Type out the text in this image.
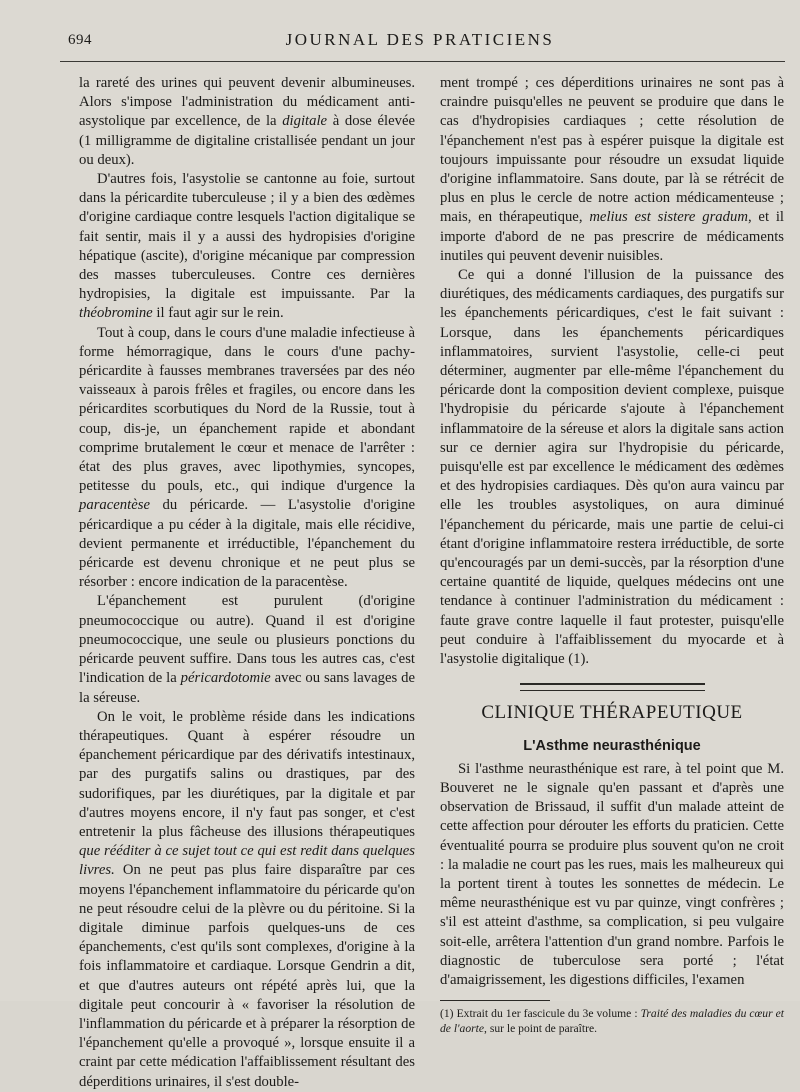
694	JOURNAL DES PRATICIENS

la rareté des urines qui peuvent devenir albumineuses. Alors s'impose l'administration du médicament anti-asystolique par excellence, de la digitale à dose élevée (1 milligramme de digitaline cristallisée pendant un jour ou deux).

D'autres fois, l'asystolie se cantonne au foie, surtout dans la péricardite tuberculeuse ; il y a bien des œdèmes d'origine cardiaque contre lesquels l'action digitalique se fait sentir, mais il y a aussi des hydropisies d'origine hépatique (ascite), d'origine mécanique par compression des masses tuberculeuses. Contre ces dernières hydropisies, la digitale est impuissante. Par la théobromine il faut agir sur le rein.

Tout à coup, dans le cours d'une maladie infectieuse à forme hémorragique, dans le cours d'une pachy-péricardite à fausses membranes traversées par des néo vaisseaux à parois frêles et fragiles, ou encore dans les péricardites scorbutiques du Nord de la Russie, tout à coup, dis-je, un épanchement rapide et abondant comprime brutalement le cœur et menace de l'arrêter : état des plus graves, avec lipothymies, syncopes, petitesse du pouls, etc., qui indique d'urgence la paracentèse du péricarde. — L'asystolie d'origine péricardique a pu céder à la digitale, mais elle récidive, devient permanente et irréductible, l'épanchement du péricarde est devenu chronique et ne peut plus se résorber : encore indication de la paracentèse.

L'épanchement est purulent (d'origine pneumococcique ou autre). Quand il est d'origine pneumococcique, une seule ou plusieurs ponctions du péricarde peuvent suffire. Dans tous les autres cas, c'est l'indication de la péricardotomie avec ou sans lavages de la séreuse.

On le voit, le problème réside dans les indications thérapeutiques. Quant à espérer résoudre un épanchement péricardique par des dérivatifs intestinaux, par des purgatifs salins ou drastiques, par des sudorifiques, par les diurétiques, par la digitale et par d'autres moyens encore, il n'y faut pas songer, et c'est entretenir la plus fâcheuse des illusions thérapeutiques que rééditer à ce sujet tout ce qui est redit dans quelques livres. On ne peut pas plus faire disparaître par ces moyens l'épanchement inflammatoire du péricarde qu'on ne peut résoudre celui de la plèvre ou du péritoine. Si la digitale diminue parfois quelques-uns de ces épanchements, c'est qu'ils sont complexes, d'origine à la fois inflammatoire et cardiaque. Lorsque Gendrin a dit, et que d'autres auteurs ont répété après lui, que la digitale peut concourir à « favoriser la résolution de l'inflammation du péricarde et à préparer la résorption de l'épanchement qu'elle a provoqué », lorsque ensuite il a craint par cette médication l'affaiblissement résultant des déperditions urinaires, il s'est double-

ment trompé ; ces déperditions urinaires ne sont pas à craindre puisqu'elles ne peuvent se produire que dans le cas d'hydropisies cardiaques ; cette résolution de l'épanchement n'est pas à espérer puisque la digitale est toujours impuissante pour résoudre un exsudat liquide d'origine inflammatoire. Sans doute, par là se rétrécit de plus en plus le cercle de notre action médicamenteuse ; mais, en thérapeutique, melius est sistere gradum, et il importe d'abord de ne pas prescrire de médicaments inutiles qui peuvent devenir nuisibles.

Ce qui a donné l'illusion de la puissance des diurétiques, des médicaments cardiaques, des purgatifs sur les épanchements péricardiques, c'est le fait suivant : Lorsque, dans les épanchements péricardiques inflammatoires, survient l'asystolie, celle-ci peut déterminer, augmenter par elle-même l'épanchement du péricarde dont la composition devient complexe, puisque l'hydropisie du péricarde s'ajoute à l'épanchement inflammatoire de la séreuse et alors la digitale sans action sur ce dernier agira sur l'hydropisie du péricarde, puisqu'elle est par excellence le médicament des œdèmes et des hydropisies cardiaques. Dès qu'on aura vaincu par elle les troubles asystoliques, on aura diminué l'épanchement du péricarde, mais une partie de celui-ci étant d'origine inflammatoire restera irréductible, de sorte qu'encouragés par un demi-succès, par la résorption d'une certaine quantité de liquide, quelques médecins ont une tendance à continuer l'administration du médicament : faute grave contre laquelle il faut protester, puisqu'elle peut conduire à l'affaiblissement du myocarde et à l'asystolie digitalique (1).

CLINIQUE THÉRAPEUTIQUE
L'Asthme neurasthénique

Si l'asthme neurasthénique est rare, à tel point que M. Bouveret ne le signale qu'en passant et d'après une observation de Brissaud, il suffit d'un malade atteint de cette affection pour dérouter les efforts du praticien. Cette éventualité pourra se produire plus souvent qu'on ne croit : la maladie ne court pas les rues, mais les malheureux qui la portent tirent à toutes les sonnettes de médecin. Le même neurasthénique est vu par quinze, vingt confrères ; s'il est atteint d'asthme, sa complication, si peu vulgaire soit-elle, arrêtera l'attention d'un grand nombre. Parfois le diagnostic de tuberculose sera porté ; l'état d'amaigrissement, les digestions difficiles, l'examen

(1) Extrait du 1er fascicule du 3e volume : Traité des maladies du cœur et de l'aorte, sur le point de paraître.
